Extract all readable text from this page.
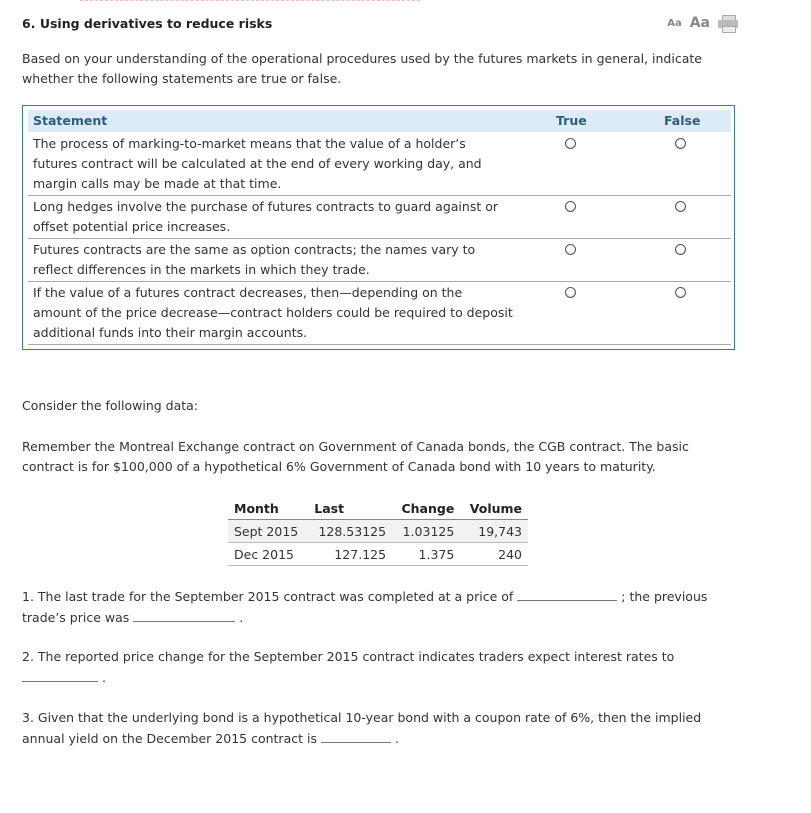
6. Using derivatives to reduce risks	Aa Aa

Based on your understanding of the operational procedures used by the futures markets in general, indicate whether the following statements are true or false.

Statement	True	False
The process of marking-to-market means that the value of a holder’s futures contract will be calculated at the end of every working day, and margin calls may be made at that time.
Long hedges involve the purchase of futures contracts to guard against or offset potential price increases.
Futures contracts are the same as option contracts; the names vary to reflect differences in the markets in which they trade.
If the value of a futures contract decreases, then—depending on the amount of the price decrease—contract holders could be required to deposit additional funds into their margin accounts.

Consider the following data:

Remember the Montreal Exchange contract on Government of Canada bonds, the CGB contract. The basic contract is for $100,000 of a hypothetical 6% Government of Canada bond with 10 years to maturity.

Month	Last	Change	Volume
Sept 2015	128.53125	1.03125	19,743
Dec 2015	127.125	1.375	240

1. The last trade for the September 2015 contract was completed at a price of	; the previous trade’s price was	.

2. The reported price change for the September 2015 contract indicates traders expect interest rates to
.

3. Given that the underlying bond is a hypothetical 10-year bond with a coupon rate of 6%, then the implied annual yield on the December 2015 contract is	.
